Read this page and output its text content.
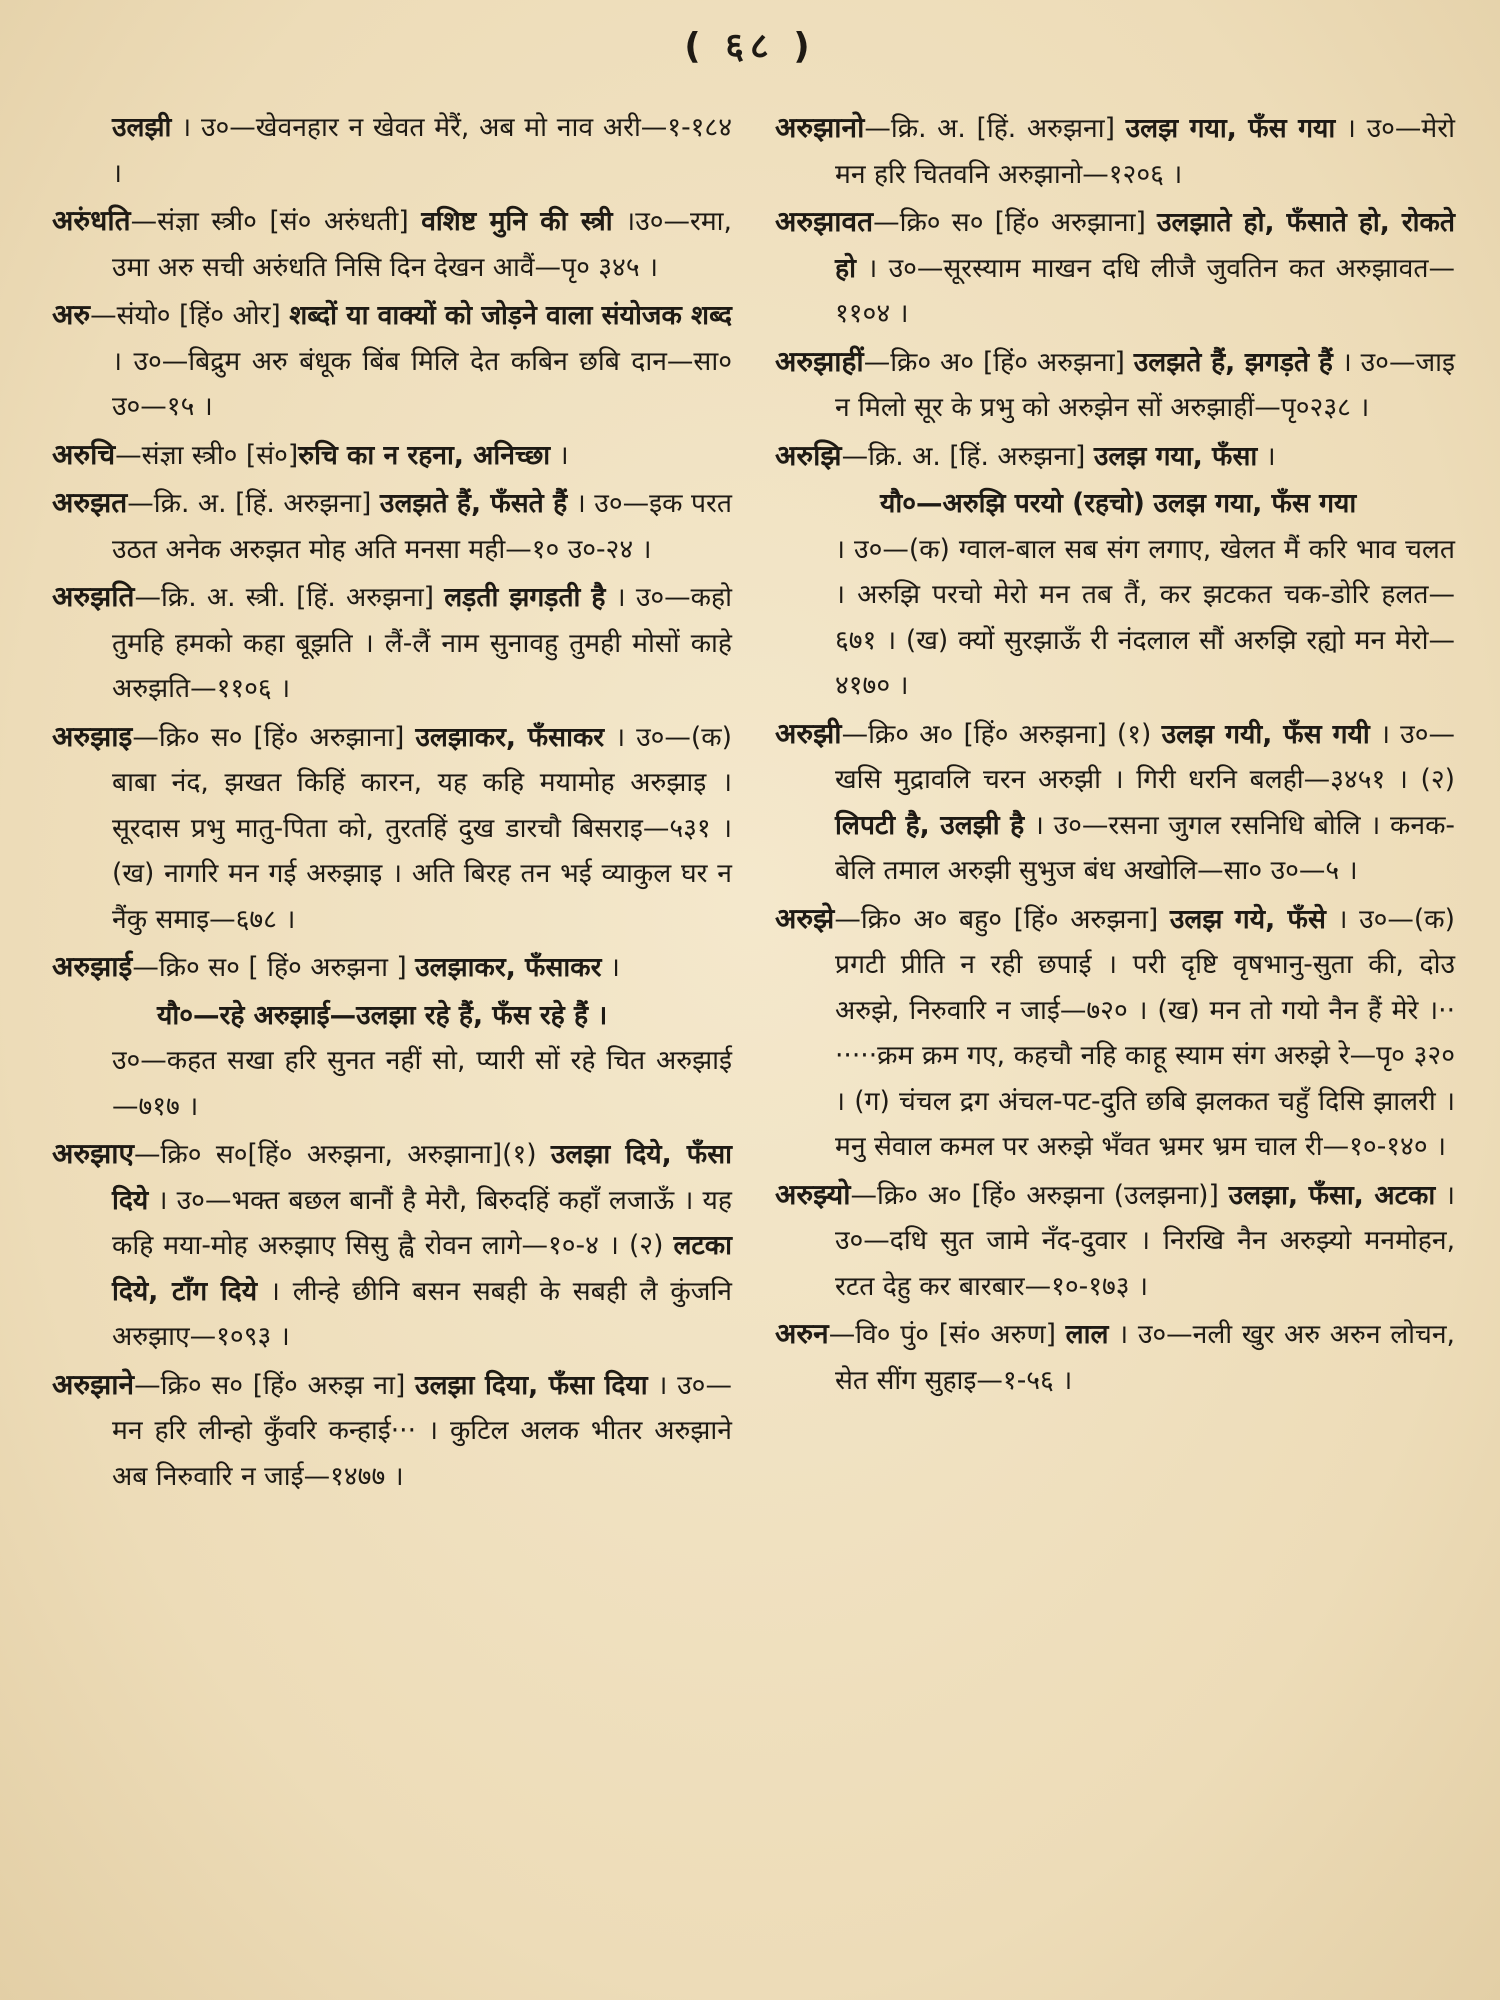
( ६८ )

उलझी । उ०—खेवनहार न खेवत मेरैं, अब मो नाव अरी—१-१८४ ।

अरुंधति—संज्ञा स्त्री० [सं० अरुंधती] वशिष्ट मुनि की स्त्री ।उ०—रमा, उमा अरु सची अरुंधति निसि दिन देखन आवैं—पृ० ३४५ ।

अरु—संयो० [हिं० ओर] शब्दों या वाक्यों को जोड़ने वाला संयोजक शब्द । उ०—बिद्रुम अरु बंधूक बिंब मिलि देत कबिन छबि दान—सा० उ०—१५ ।

अरुचि—संज्ञा स्त्री० [सं०]रुचि का न रहना, अनिच्छा ।

अरुझत—क्रि. अ. [हिं. अरुझना] उलझते हैं, फँसते हैं । उ०—इक परत उठत अनेक अरुझत मोह अति मनसा मही—१० उ०-२४ ।

अरुझति—क्रि. अ. स्त्री. [हिं. अरुझना] लड़ती झगड़ती है । उ०—कहो तुमहि हमको कहा बूझति । लैं-लैं नाम सुनावहु तुमही मोसों काहे अरुझति—११०६ ।

अरुझाइ—क्रि० स० [हिं० अरुझाना] उलझाकर, फँसाकर । उ०—(क) बाबा नंद, झखत किहिं कारन, यह कहि मयामोह अरुझाइ । सूरदास प्रभु मातु-पिता को, तुरतहिं दुख डारचौ बिसराइ—५३१ । (ख) नागरि मन गई अरुझाइ । अति बिरह तन भई व्याकुल घर न नैंकु समाइ—६७८ ।

अरुझाई—क्रि० स० [ हिं० अरुझना ] उलझाकर, फँसाकर ।

यौ०—रहे अरुझाई—उलझा रहे हैं, फँस रहे हैं ।

उ०—कहत सखा हरि सुनत नहीं सो, प्यारी सों रहे चित अरुझाई—७१७ ।

अरुझाए—क्रि० स०[हिं० अरुझना, अरुझाना](१) उलझा दिये, फँसा दिये । उ०—भक्त बछल बानौं है मेरौ, बिरुदहिं कहाँ लजाऊँ । यह कहि मया-मोह अरुझाए सिसु ह्वै रोवन लागे—१०-४ । (२) लटका दिये, टाँग दिये । लीन्हे छीनि बसन सबही के सबही लै कुंजनि अरुझाए—१०९३ ।

अरुझाने—क्रि० स० [हिं० अरुझ ना] उलझा दिया, फँसा दिया । उ०—मन हरि लीन्हो कुँवरि कन्हाई··· । कुटिल अलक भीतर अरुझाने अब निरुवारि न जाई—१४७७ ।

अरुझानो—क्रि. अ. [हिं. अरुझना] उलझ गया, फँस गया । उ०—मेरो मन हरि चितवनि अरुझानो—१२०६ ।

अरुझावत—क्रि० स० [हिं० अरुझाना] उलझाते हो, फँसाते हो, रोकते हो । उ०—सूरस्याम माखन दधि लीजै जुवतिन कत अरुझावत—११०४ ।

अरुझाहीं—क्रि० अ० [हिं० अरुझना] उलझते हैं, झगड़ते हैं । उ०—जाइ न मिलो सूर के प्रभु को अरुझेन सों अरुझाहीं—पृ०२३८ ।

अरुझि—क्रि. अ. [हिं. अरुझना] उलझ गया, फँसा ।

यौ०—अरुझि परयो (रहचो) उलझ गया, फँस गया

। उ०—(क) ग्वाल-बाल सब संग लगाए, खेलत मैं करि भाव चलत । अरुझि परचो मेरो मन तब तैं, कर झटकत चक-डोरि हलत—६७१ । (ख) क्यों सुरझाऊँ री नंदलाल सौं अरुझि रह्यो मन मेरो—४१७० ।

अरुझी—क्रि० अ० [हिं० अरुझना] (१) उलझ गयी, फँस गयी । उ०—खसि मुद्रावलि चरन अरुझी । गिरी धरनि बलही—३४५१ । (२) लिपटी है, उलझी है । उ०—रसना जुगल रसनिधि बोलि । कनक-बेलि तमाल अरुझी सुभुज बंध अखोलि—सा० उ०—५ ।

अरुझे—क्रि० अ० बहु० [हिं० अरुझना] उलझ गये, फँसे । उ०—(क) प्रगटी प्रीति न रही छपाई । परी दृष्टि वृषभानु-सुता की, दोउ अरुझे, निरुवारि न जाई—७२० । (ख) मन तो गयो नैन हैं मेरे ।·· ·····क्रम क्रम गए, कहचौ नहि काहू स्याम संग अरुझे रे—पृ० ३२० । (ग) चंचल द्रग अंचल-पट-दुति छबि झलकत चहुँ दिसि झालरी । मनु सेवाल कमल पर अरुझे भँवत भ्रमर भ्रम चाल री—१०-१४० ।

अरुझ्यो—क्रि० अ० [हिं० अरुझना (उलझना)] उलझा, फँसा, अटका । उ०—दधि सुत जामे नँद-दुवार । निरखि नैन अरुझ्यो मनमोहन, रटत देहु कर बारबार—१०-१७३ ।

अरुन—वि० पुं० [सं० अरुण] लाल । उ०—नली खुर अरु अरुन लोचन, सेत सींग सुहाइ—१-५६ ।
